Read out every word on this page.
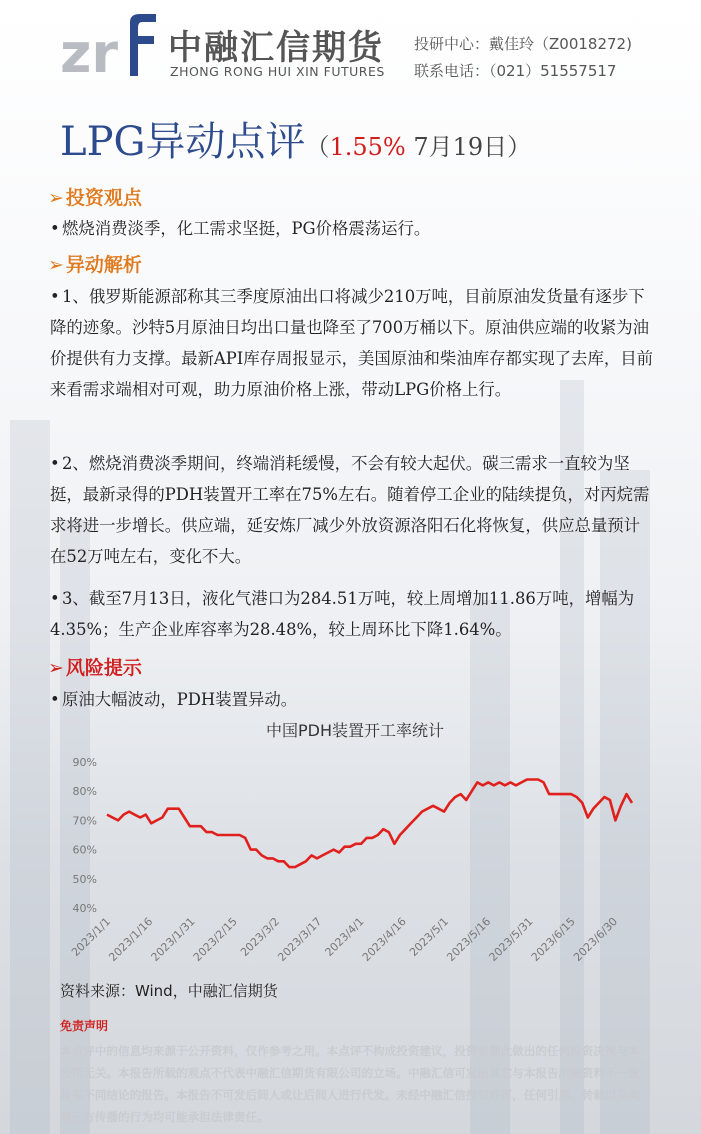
zr 中融汇信期货
ZHONG RONG HUI XIN FUTURES
投研中心：戴佳玲（Z0018272)
联系电话：（021）51557517
LPG异动点评（1.55% 7月19日）
➢ 投资观点
• 燃烧消费淡季，化工需求坚挺，PG价格震荡运行。
➢ 异动解析
• 1、俄罗斯能源部称其三季度原油出口将减少210万吨，目前原油发货量有逐步下降的迹象。沙特5月原油日均出口量也降至了700万桶以下。原油供应端的收紧为油价提供有力支撑。最新API库存周报显示，美国原油和柴油库存都实现了去库，目前来看需求端相对可观，助力原油价格上涨，带动LPG价格上行。
• 2、燃烧消费淡季期间，终端消耗缓慢，不会有较大起伏。碳三需求一直较为坚挺，最新录得的PDH装置开工率在75%左右。随着停工企业的陆续提负，对丙烷需求将进一步增长。供应端，延安炼厂减少外放资源洛阳石化将恢复，供应总量预计在52万吨左右，变化不大。
• 3、截至7月13日，液化气港口为284.51万吨，较上周增加11.86万吨，增幅为4.35%；生产企业库容率为28.48%，较上周环比下降1.64%。
➢ 风险提示
• 原油大幅波动，PDH装置异动。
中国PDH装置开工率统计
90%
80%
70%
60%
50%
40%
2023/1/1
2023/1/16
2023/1/31
2023/2/15
2023/3/2
2023/3/17
2023/4/1
2023/4/16
2023/5/1
2023/5/16
2023/5/31
2023/6/15
2023/6/30
资料来源：Wind，中融汇信期货
免责声明
本点评中的信息均来源于公开资料，仅作参考之用。本点评不构成投资建议，投资者据此做出的任何投资决策与本公司无关。本报告所载的观点不代表中融汇信期货有限公司的立场。中融汇信可发出其它与本报告所载资料不一致及有不同结论的报告。本报告不可发后间人或让后间人进行代发。未经中融汇信授权许可，任何引用、转载以及向第三方传播的行为均可能承担法律责任。
